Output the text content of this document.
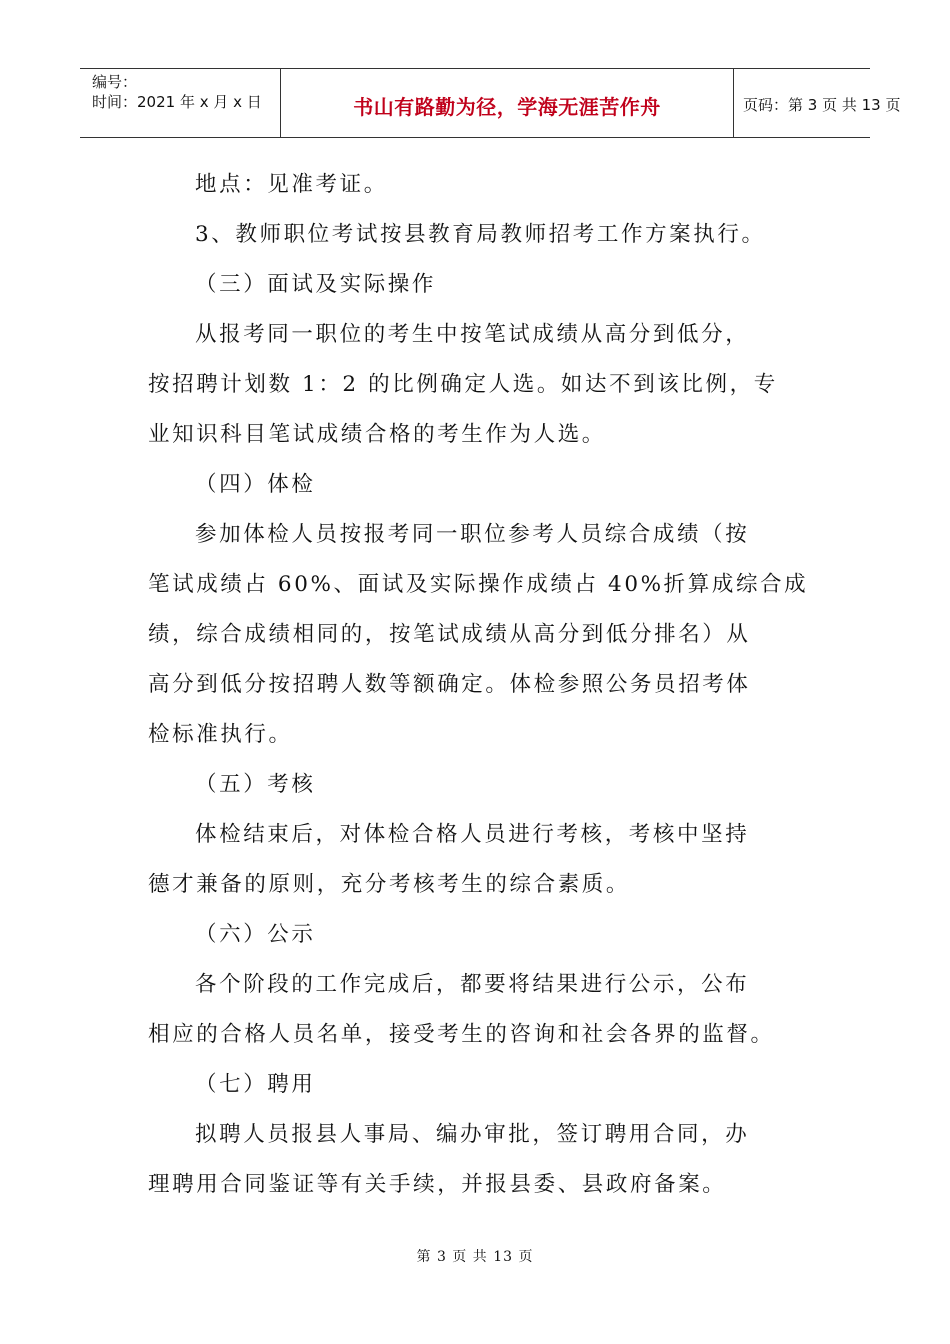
编号：
时间：2021 年 x 月 x 日	书山有路勤为径，学海无涯苦作舟	页码：第 3 页 共 13 页
地点：见准考证。
3、教师职位考试按县教育局教师招考工作方案执行。
（三）面试及实际操作
从报考同一职位的考生中按笔试成绩从高分到低分，
按招聘计划数 1：2 的比例确定人选。如达不到该比例，专
业知识科目笔试成绩合格的考生作为人选。
（四）体检
参加体检人员按报考同一职位参考人员综合成绩（按
笔试成绩占 60%、面试及实际操作成绩占 40%折算成综合成
绩，综合成绩相同的，按笔试成绩从高分到低分排名）从
高分到低分按招聘人数等额确定。体检参照公务员招考体
检标准执行。
（五）考核
体检结束后，对体检合格人员进行考核，考核中坚持
德才兼备的原则，充分考核考生的综合素质。
（六）公示
各个阶段的工作完成后，都要将结果进行公示，公布
相应的合格人员名单，接受考生的咨询和社会各界的监督。
（七）聘用
拟聘人员报县人事局、编办审批，签订聘用合同，办
理聘用合同鉴证等有关手续，并报县委、县政府备案。
第 3 页 共 13 页
